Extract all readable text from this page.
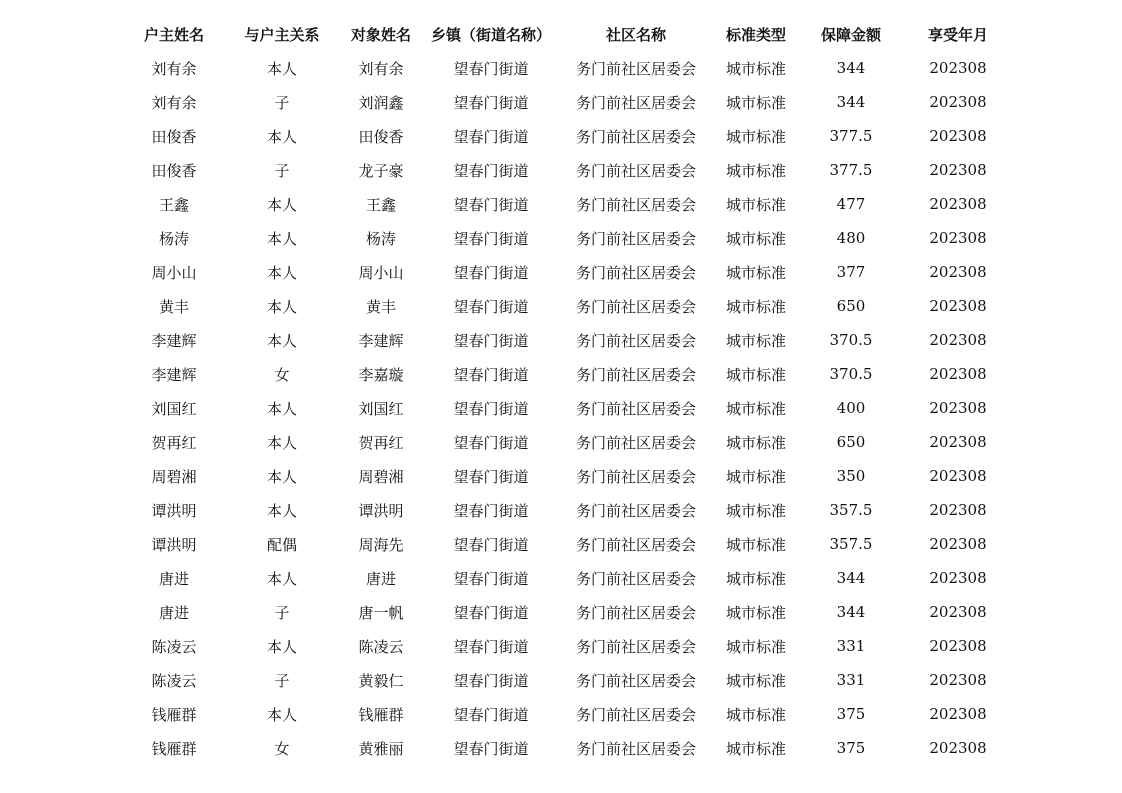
户主姓名	与户主关系	对象姓名	乡镇（街道名称）	社区名称	标准类型	保障金额	享受年月
刘有余	本人	刘有余	望春门街道	务门前社区居委会	城市标准	344	202308
刘有余	子	刘润鑫	望春门街道	务门前社区居委会	城市标准	344	202308
田俊香	本人	田俊香	望春门街道	务门前社区居委会	城市标准	377.5	202308
田俊香	子	龙子豪	望春门街道	务门前社区居委会	城市标准	377.5	202308
王鑫	本人	王鑫	望春门街道	务门前社区居委会	城市标准	477	202308
杨涛	本人	杨涛	望春门街道	务门前社区居委会	城市标准	480	202308
周小山	本人	周小山	望春门街道	务门前社区居委会	城市标准	377	202308
黄丰	本人	黄丰	望春门街道	务门前社区居委会	城市标准	650	202308
李建辉	本人	李建辉	望春门街道	务门前社区居委会	城市标准	370.5	202308
李建辉	女	李嘉璇	望春门街道	务门前社区居委会	城市标准	370.5	202308
刘国红	本人	刘国红	望春门街道	务门前社区居委会	城市标准	400	202308
贺再红	本人	贺再红	望春门街道	务门前社区居委会	城市标准	650	202308
周碧湘	本人	周碧湘	望春门街道	务门前社区居委会	城市标准	350	202308
谭洪明	本人	谭洪明	望春门街道	务门前社区居委会	城市标准	357.5	202308
谭洪明	配偶	周海先	望春门街道	务门前社区居委会	城市标准	357.5	202308
唐进	本人	唐进	望春门街道	务门前社区居委会	城市标准	344	202308
唐进	子	唐一帆	望春门街道	务门前社区居委会	城市标准	344	202308
陈凌云	本人	陈凌云	望春门街道	务门前社区居委会	城市标准	331	202308
陈凌云	子	黄毅仁	望春门街道	务门前社区居委会	城市标准	331	202308
钱雁群	本人	钱雁群	望春门街道	务门前社区居委会	城市标准	375	202308
钱雁群	女	黄雅丽	望春门街道	务门前社区居委会	城市标准	375	202308
